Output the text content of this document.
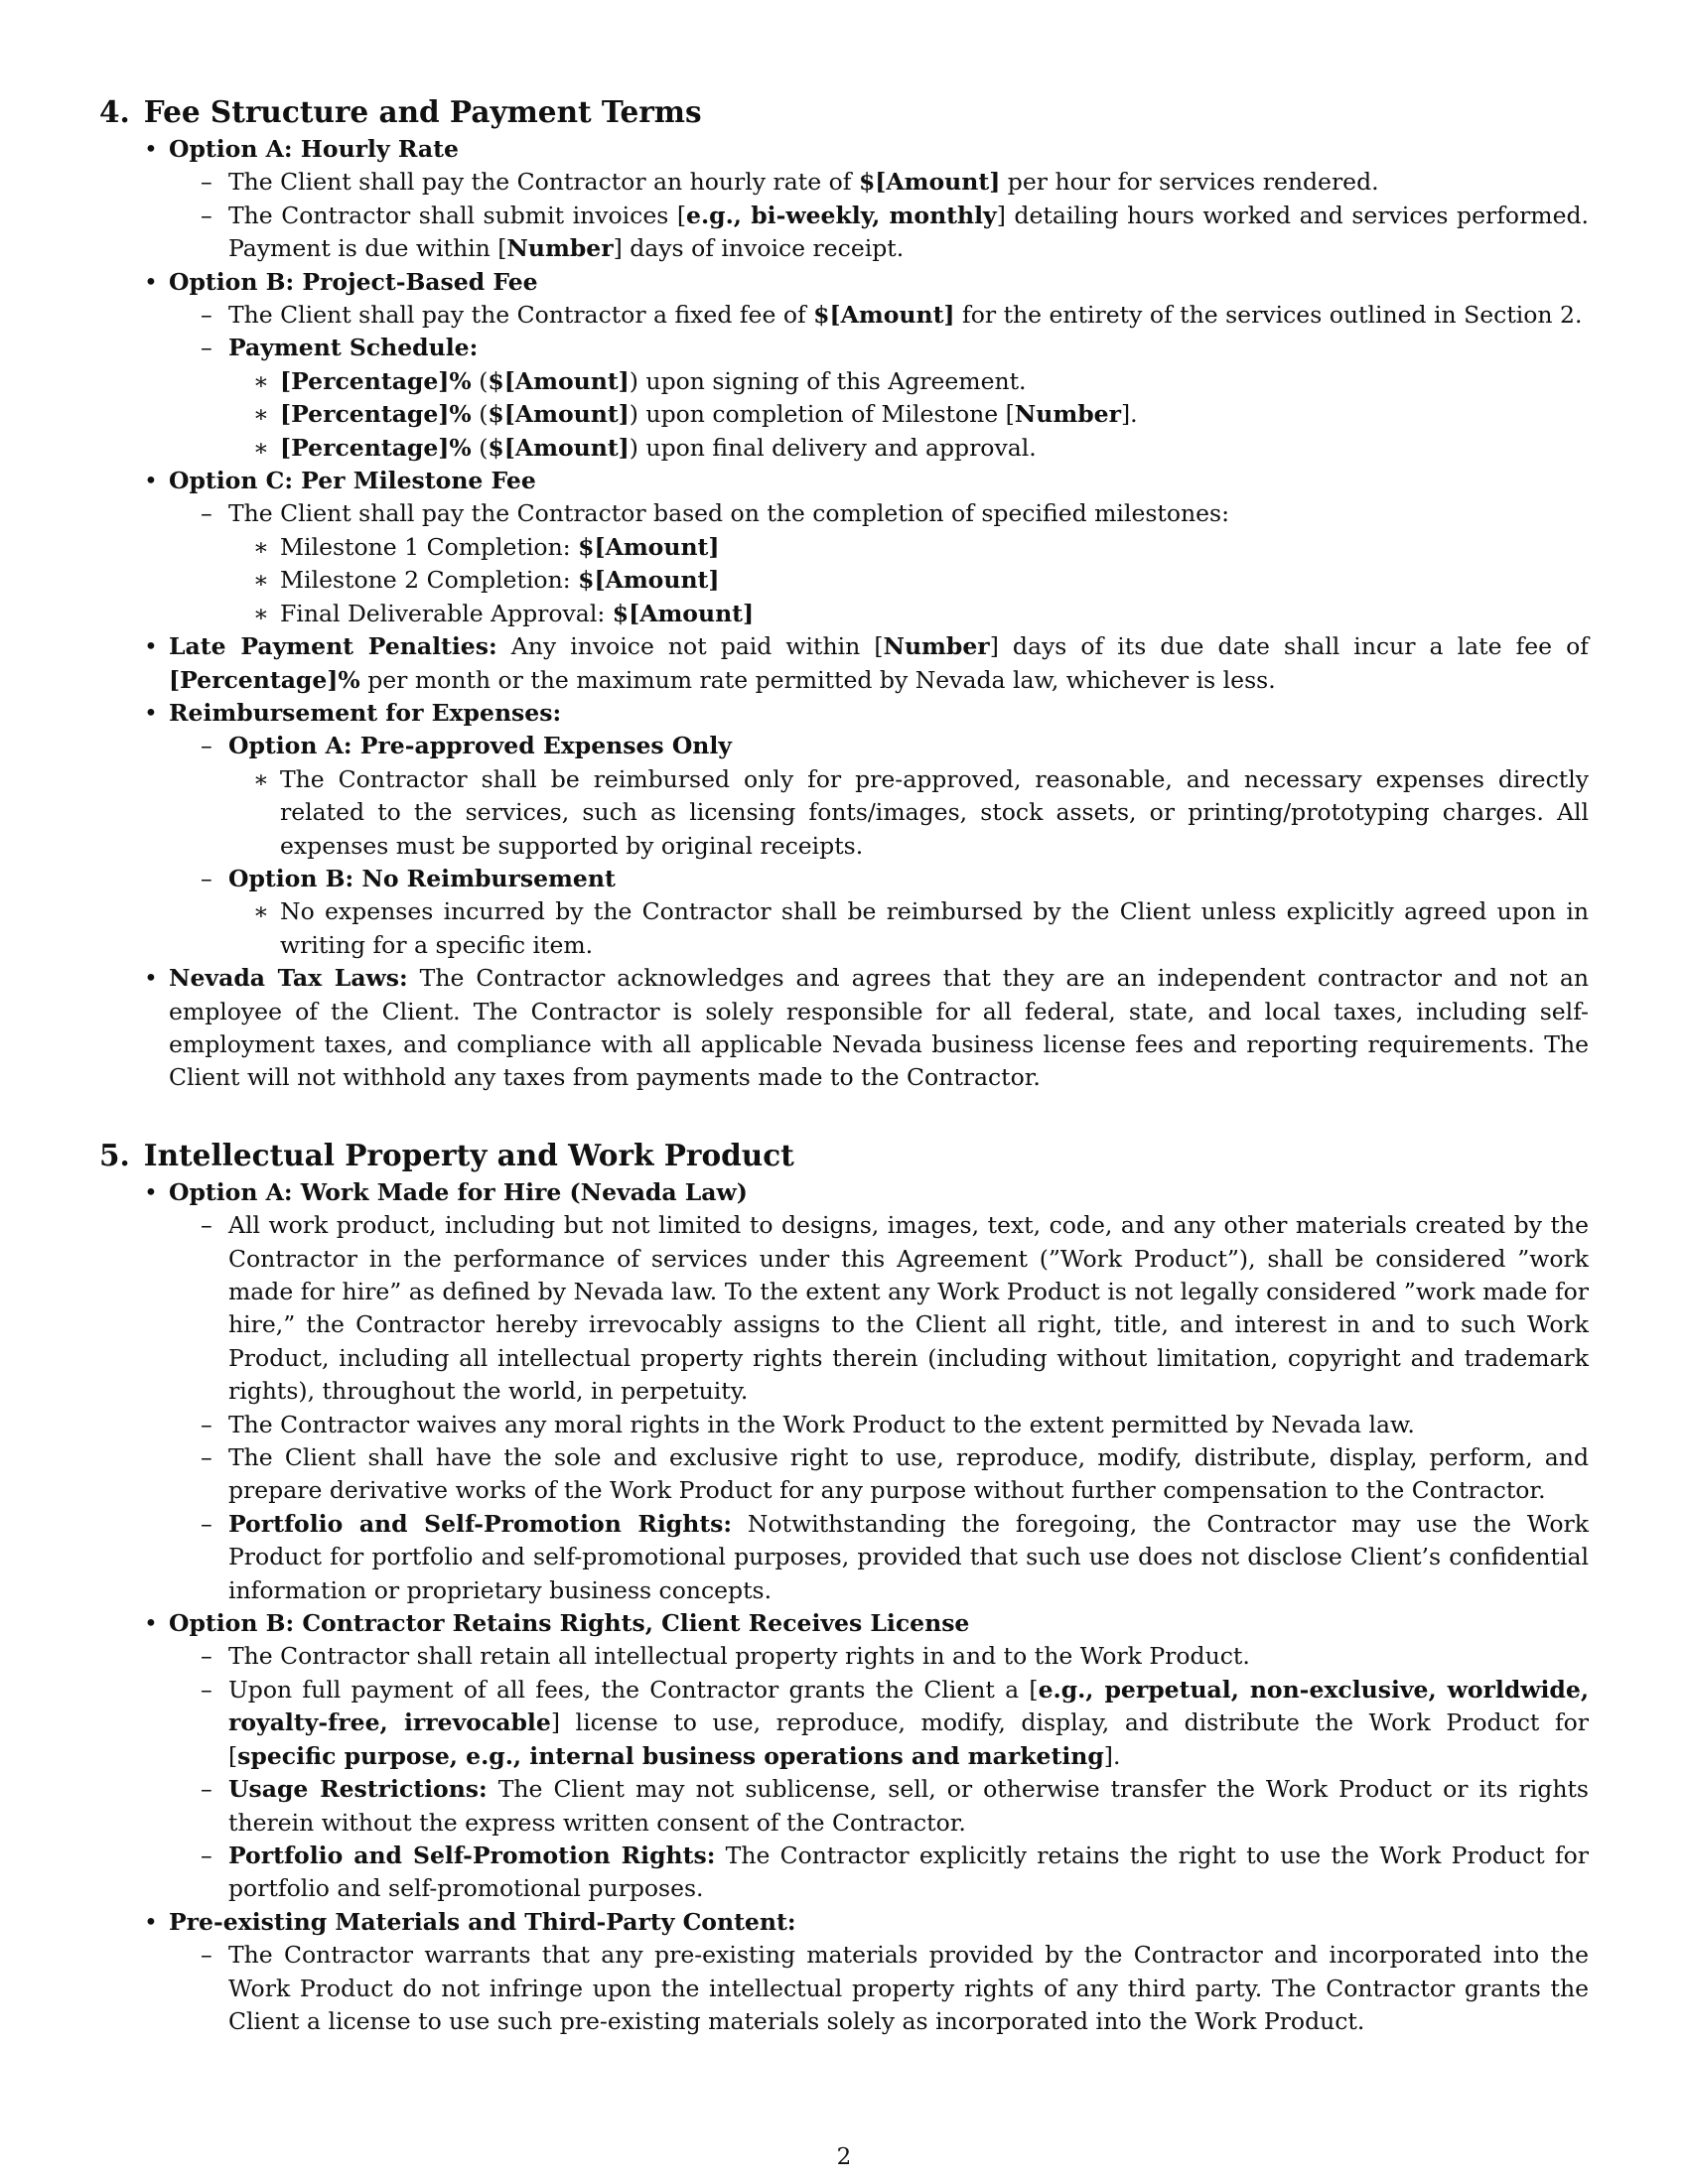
4. Fee Structure and Payment Terms

• Option A: Hourly Rate

– The Client shall pay the Contractor an hourly rate of $[Amount] per hour for services rendered.

– The Contractor shall submit invoices [e.g., bi-weekly, monthly] detailing hours worked and services performed. Payment is due within [Number] days of invoice receipt.

• Option B: Project-Based Fee

– The Client shall pay the Contractor a fixed fee of $[Amount] for the entirety of the services outlined in Section 2.

– Payment Schedule:

∗ [Percentage]% ($[Amount]) upon signing of this Agreement.

∗ [Percentage]% ($[Amount]) upon completion of Milestone [Number].

∗ [Percentage]% ($[Amount]) upon final delivery and approval.

• Option C: Per Milestone Fee

– The Client shall pay the Contractor based on the completion of specified milestones:

∗ Milestone 1 Completion: $[Amount]

∗ Milestone 2 Completion: $[Amount]

∗ Final Deliverable Approval: $[Amount]

• Late Payment Penalties: Any invoice not paid within [Number] days of its due date shall incur a late fee of [Percentage]% per month or the maximum rate permitted by Nevada law, whichever is less.

• Reimbursement for Expenses:

– Option A: Pre-approved Expenses Only

∗ The Contractor shall be reimbursed only for pre-approved, reasonable, and necessary expenses directly related to the services, such as licensing fonts/images, stock assets, or printing/prototyping charges. All expenses must be supported by original receipts.

– Option B: No Reimbursement

∗ No expenses incurred by the Contractor shall be reimbursed by the Client unless explicitly agreed upon in writing for a specific item.

• Nevada Tax Laws: The Contractor acknowledges and agrees that they are an independent contractor and not an employee of the Client. The Contractor is solely responsible for all federal, state, and local taxes, including self-employment taxes, and compliance with all applicable Nevada business license fees and reporting requirements. The Client will not withhold any taxes from payments made to the Contractor.

5. Intellectual Property and Work Product

• Option A: Work Made for Hire (Nevada Law)

– All work product, including but not limited to designs, images, text, code, and any other materials created by the Contractor in the performance of services under this Agreement (”Work Product”), shall be considered ”work made for hire” as defined by Nevada law. To the extent any Work Product is not legally considered ”work made for hire,” the Contractor hereby irrevocably assigns to the Client all right, title, and interest in and to such Work Product, including all intellectual property rights therein (including without limitation, copyright and trademark rights), throughout the world, in perpetuity.

– The Contractor waives any moral rights in the Work Product to the extent permitted by Nevada law.

– The Client shall have the sole and exclusive right to use, reproduce, modify, distribute, display, perform, and prepare derivative works of the Work Product for any purpose without further compensation to the Contractor.

– Portfolio and Self-Promotion Rights: Notwithstanding the foregoing, the Contractor may use the Work Product for portfolio and self-promotional purposes, provided that such use does not disclose Client’s confidential information or proprietary business concepts.

• Option B: Contractor Retains Rights, Client Receives License

– The Contractor shall retain all intellectual property rights in and to the Work Product.

– Upon full payment of all fees, the Contractor grants the Client a [e.g., perpetual, non-exclusive, worldwide, royalty-free, irrevocable] license to use, reproduce, modify, display, and distribute the Work Product for [specific purpose, e.g., internal business operations and marketing].

– Usage Restrictions: The Client may not sublicense, sell, or otherwise transfer the Work Product or its rights therein without the express written consent of the Contractor.

– Portfolio and Self-Promotion Rights: The Contractor explicitly retains the right to use the Work Product for portfolio and self-promotional purposes.

• Pre-existing Materials and Third-Party Content:

– The Contractor warrants that any pre-existing materials provided by the Contractor and incorporated into the Work Product do not infringe upon the intellectual property rights of any third party. The Contractor grants the Client a license to use such pre-existing materials solely as incorporated into the Work Product.

2
